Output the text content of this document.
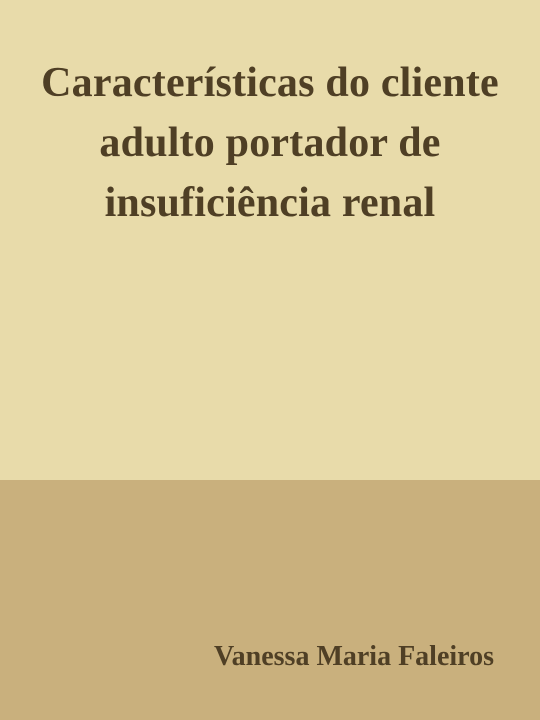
Características do cliente adulto portador de insuficiência renal

Vanessa Maria Faleiros
